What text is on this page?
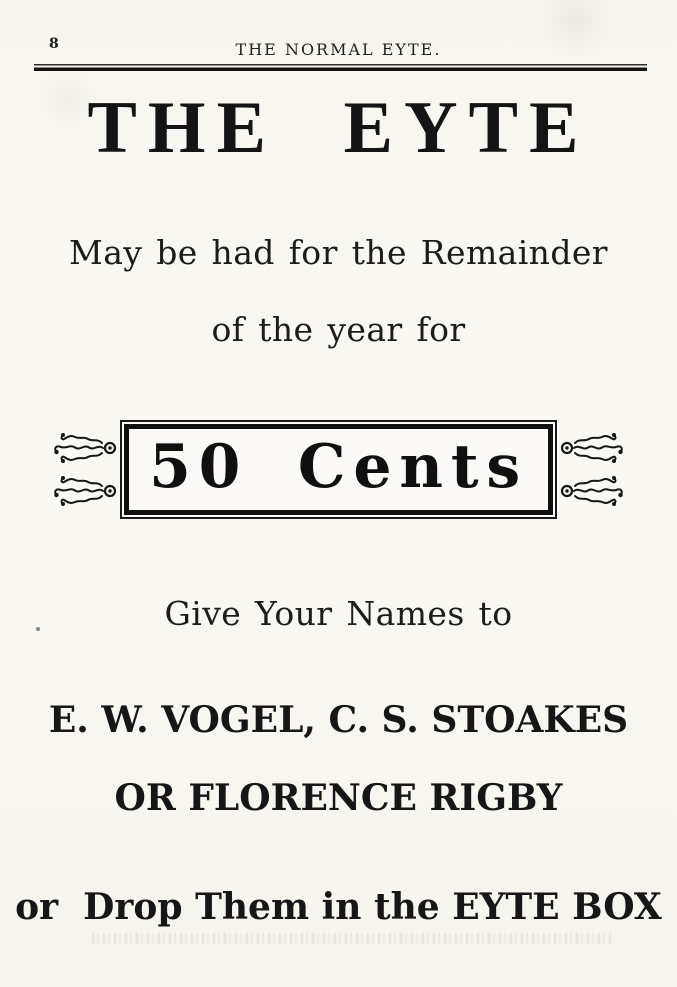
8	THE NORMAL EYTE.
THE EYTE
May be had for the Remainder
of the year for
50 Cents
Give Your Names to
E. W. VOGEL, C. S. STOAKES
OR FLORENCE RIGBY
or  Drop Them in the EYTE BOX
